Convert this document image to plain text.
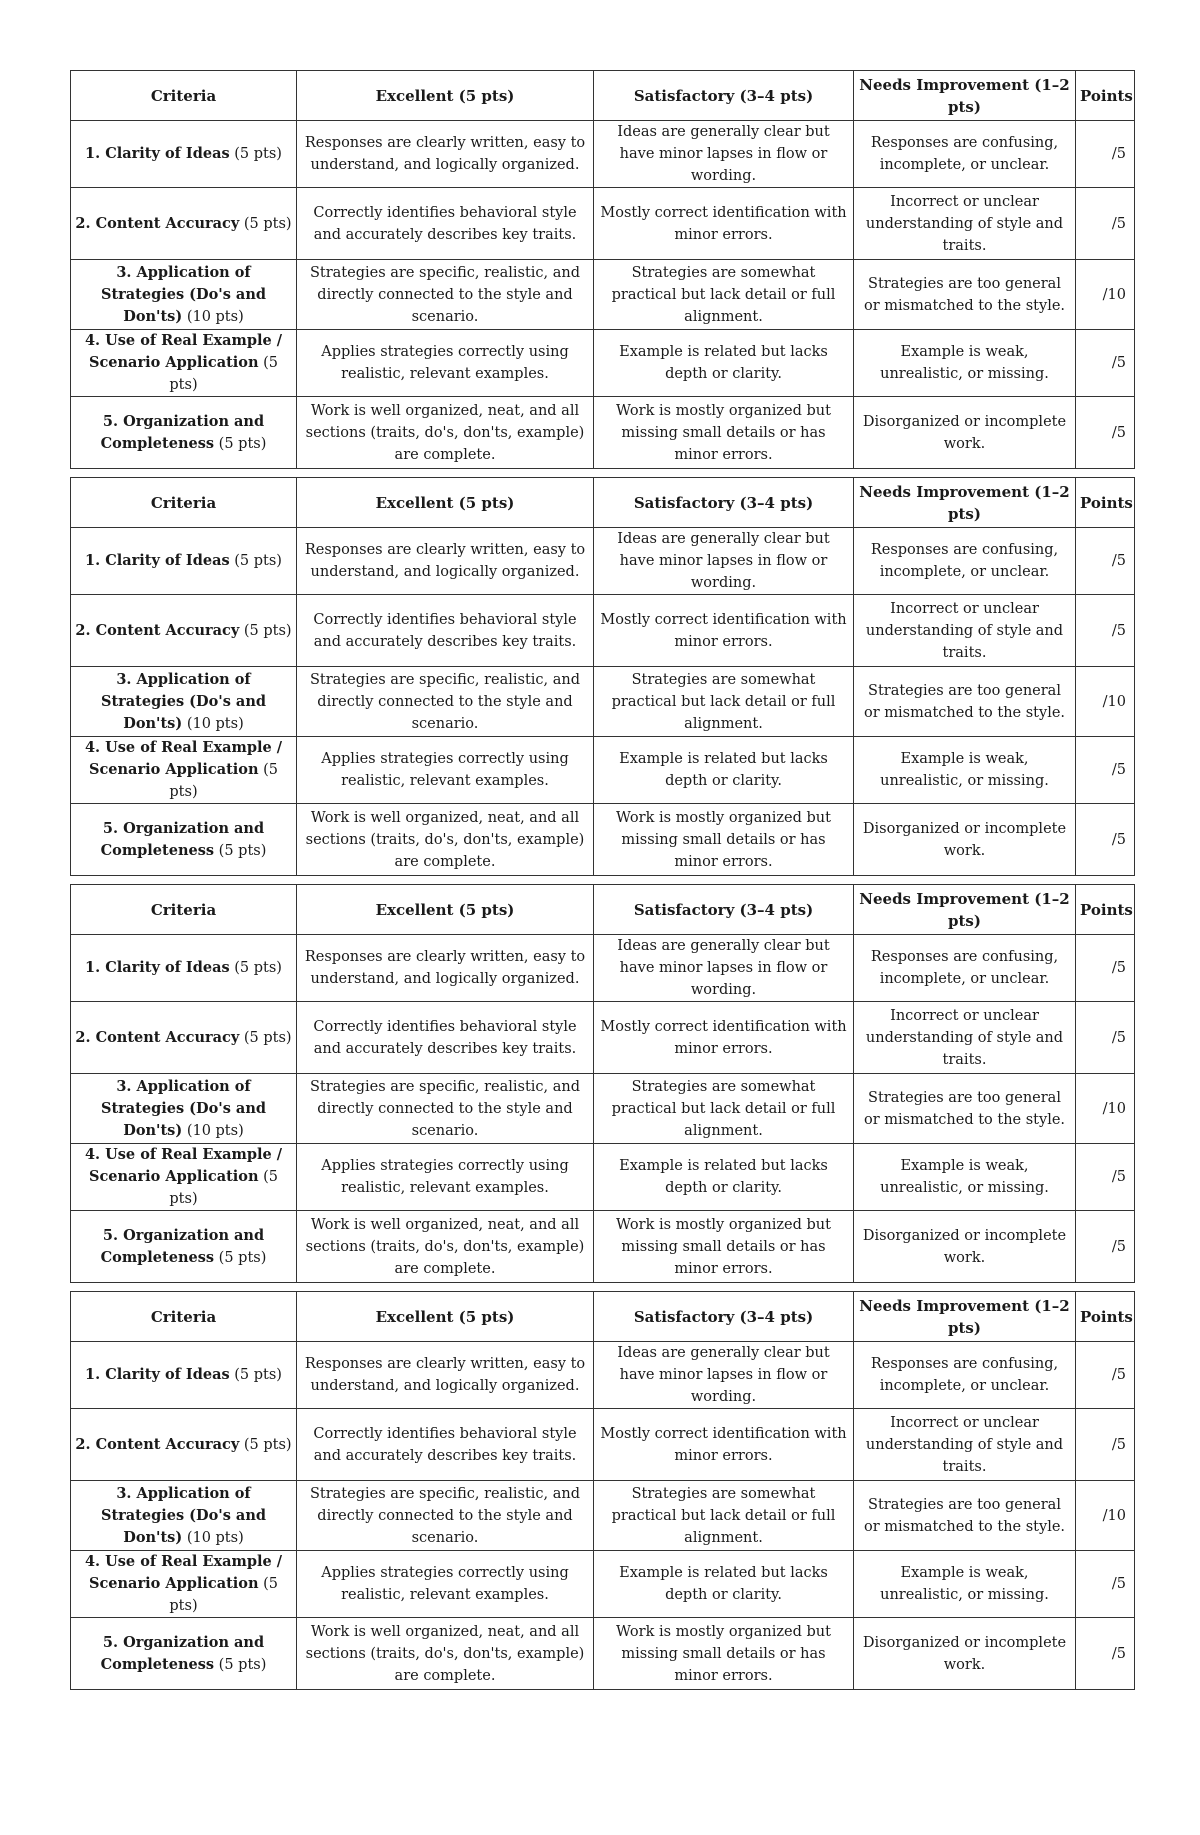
Criteria	Excellent (5 pts)	Satisfactory (3–4 pts)	Needs Improvement (1–2 pts)	Points
1. Clarity of Ideas (5 pts)	Responses are clearly written, easy to understand, and logically organized.	Ideas are generally clear but have minor lapses in flow or wording.	Responses are confusing, incomplete, or unclear.	/5
2. Content Accuracy (5 pts)	Correctly identifies behavioral style and accurately describes key traits.	Mostly correct identification with minor errors.	Incorrect or unclear understanding of style and traits.	/5
3. Application of Strategies (Do's and Don'ts) (10 pts)	Strategies are specific, realistic, and directly connected to the style and scenario.	Strategies are somewhat practical but lack detail or full alignment.	Strategies are too general or mismatched to the style.	/10
4. Use of Real Example / Scenario Application (5 pts)	Applies strategies correctly using realistic, relevant examples.	Example is related but lacks depth or clarity.	Example is weak, unrealistic, or missing.	/5
5. Organization and Completeness (5 pts)	Work is well organized, neat, and all sections (traits, do's, don'ts, example) are complete.	Work is mostly organized but missing small details or has minor errors.	Disorganized or incomplete work.	/5
Criteria	Excellent (5 pts)	Satisfactory (3–4 pts)	Needs Improvement (1–2 pts)	Points
1. Clarity of Ideas (5 pts)	Responses are clearly written, easy to understand, and logically organized.	Ideas are generally clear but have minor lapses in flow or wording.	Responses are confusing, incomplete, or unclear.	/5
2. Content Accuracy (5 pts)	Correctly identifies behavioral style and accurately describes key traits.	Mostly correct identification with minor errors.	Incorrect or unclear understanding of style and traits.	/5
3. Application of Strategies (Do's and Don'ts) (10 pts)	Strategies are specific, realistic, and directly connected to the style and scenario.	Strategies are somewhat practical but lack detail or full alignment.	Strategies are too general or mismatched to the style.	/10
4. Use of Real Example / Scenario Application (5 pts)	Applies strategies correctly using realistic, relevant examples.	Example is related but lacks depth or clarity.	Example is weak, unrealistic, or missing.	/5
5. Organization and Completeness (5 pts)	Work is well organized, neat, and all sections (traits, do's, don'ts, example) are complete.	Work is mostly organized but missing small details or has minor errors.	Disorganized or incomplete work.	/5
Criteria	Excellent (5 pts)	Satisfactory (3–4 pts)	Needs Improvement (1–2 pts)	Points
1. Clarity of Ideas (5 pts)	Responses are clearly written, easy to understand, and logically organized.	Ideas are generally clear but have minor lapses in flow or wording.	Responses are confusing, incomplete, or unclear.	/5
2. Content Accuracy (5 pts)	Correctly identifies behavioral style and accurately describes key traits.	Mostly correct identification with minor errors.	Incorrect or unclear understanding of style and traits.	/5
3. Application of Strategies (Do's and Don'ts) (10 pts)	Strategies are specific, realistic, and directly connected to the style and scenario.	Strategies are somewhat practical but lack detail or full alignment.	Strategies are too general or mismatched to the style.	/10
4. Use of Real Example / Scenario Application (5 pts)	Applies strategies correctly using realistic, relevant examples.	Example is related but lacks depth or clarity.	Example is weak, unrealistic, or missing.	/5
5. Organization and Completeness (5 pts)	Work is well organized, neat, and all sections (traits, do's, don'ts, example) are complete.	Work is mostly organized but missing small details or has minor errors.	Disorganized or incomplete work.	/5
Criteria	Excellent (5 pts)	Satisfactory (3–4 pts)	Needs Improvement (1–2 pts)	Points
1. Clarity of Ideas (5 pts)	Responses are clearly written, easy to understand, and logically organized.	Ideas are generally clear but have minor lapses in flow or wording.	Responses are confusing, incomplete, or unclear.	/5
2. Content Accuracy (5 pts)	Correctly identifies behavioral style and accurately describes key traits.	Mostly correct identification with minor errors.	Incorrect or unclear understanding of style and traits.	/5
3. Application of Strategies (Do's and Don'ts) (10 pts)	Strategies are specific, realistic, and directly connected to the style and scenario.	Strategies are somewhat practical but lack detail or full alignment.	Strategies are too general or mismatched to the style.	/10
4. Use of Real Example / Scenario Application (5 pts)	Applies strategies correctly using realistic, relevant examples.	Example is related but lacks depth or clarity.	Example is weak, unrealistic, or missing.	/5
5. Organization and Completeness (5 pts)	Work is well organized, neat, and all sections (traits, do's, don'ts, example) are complete.	Work is mostly organized but missing small details or has minor errors.	Disorganized or incomplete work.	/5
